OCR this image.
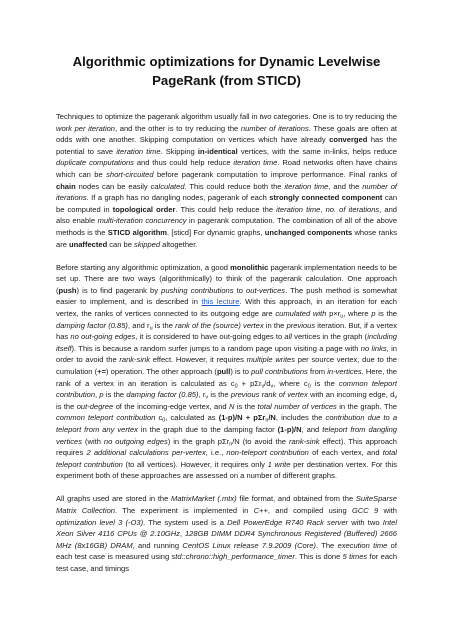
Algorithmic optimizations for Dynamic Levelwise
PageRank (from STICD)

Techniques to optimize the pagerank algorithm usually fall in two categories. One is to try reducing the work per iteration, and the other is to try reducing the number of iterations. These goals are often at odds with one another. Skipping computation on vertices which have already converged has the potential to save iteration time. Skipping in-identical vertices, with the same in-links, helps reduce duplicate computations and thus could help reduce iteration time. Road networks often have chains which can be short-circuited before pagerank computation to improve performance. Final ranks of chain nodes can be easily calculated. This could reduce both the iteration time, and the number of iterations. If a graph has no dangling nodes, pagerank of each strongly connected component can be computed in topological order. This could help reduce the iteration time, no. of iterations, and also enable multi-iteration concurrency in pagerank computation. The combination of all of the above methods is the STICD algorithm. [sticd] For dynamic graphs, unchanged components whose ranks are unaffected can be skipped altogether.

Before starting any algorithmic optimization, a good monolithic pagerank implementation needs to be set up. There are two ways (algorithmically) to think of the pagerank calculation. One approach (push) is to find pagerank by pushing contributions to out-vertices. The push method is somewhat easier to implement, and is described in this lecture. With this approach, in an iteration for each vertex, the ranks of vertices connected to its outgoing edge are cumulated with $p\times r_u$, where p is the damping factor (0.85), and $r_u$ is the rank of the (source) vertex in the previous iteration. But, if a vertex has no out-going edges, it is considered to have out-going edges to all vertices in the graph (including itself). This is because a random surfer jumps to a random page upon visiting a page with no links, in order to avoid the rank-sink effect. However, it requires multiple writes per source vertex, due to the cumulation (+=) operation. The other approach (pull) is to pull contributions from in-vertices. Here, the rank of a vertex in an iteration is calculated as $c_0 + p\Sigma r_v/d_v$, where $c_0$ is the common teleport contribution, p is the damping factor (0.85), $r_v$ is the previous rank of vertex with an incoming edge, $d_v$ is the out-degree of the incoming-edge vertex, and N is the total number of vertices in the graph. The common teleport contribution $c_0$, calculated as (1-p)/N + pΣr$_n$/N, includes the contribution due to a teleport from any vertex in the graph due to the damping factor (1-p)/N, and teleport from dangling vertices (with no outgoing edges) in the graph pΣr$_n$/N (to avoid the rank-sink effect). This approach requires 2 additional calculations per-vertex, i.e., non-teleport contribution of each vertex, and total teleport contribution (to all vertices). However, it requires only 1 write per destination vertex. For this experiment both of these approaches are assessed on a number of different graphs.

All graphs used are stored in the MatrixMarket (.mtx) file format, and obtained from the SuiteSparse Matrix Collection. The experiment is implemented in C++, and compiled using GCC 9 with optimization level 3 (-O3). The system used is a Dell PowerEdge R740 Rack server with two Intel Xeon Silver 4116 CPUs @ 2.10GHz, 128GB DIMM DDR4 Synchronous Registered (Buffered) 2666 MHz (8x16GB) DRAM, and running CentOS Linux release 7.9.2009 (Core). The execution time of each test case is measured using std::chrono::high_performance_timer. This is done 5 times for each test case, and timings
